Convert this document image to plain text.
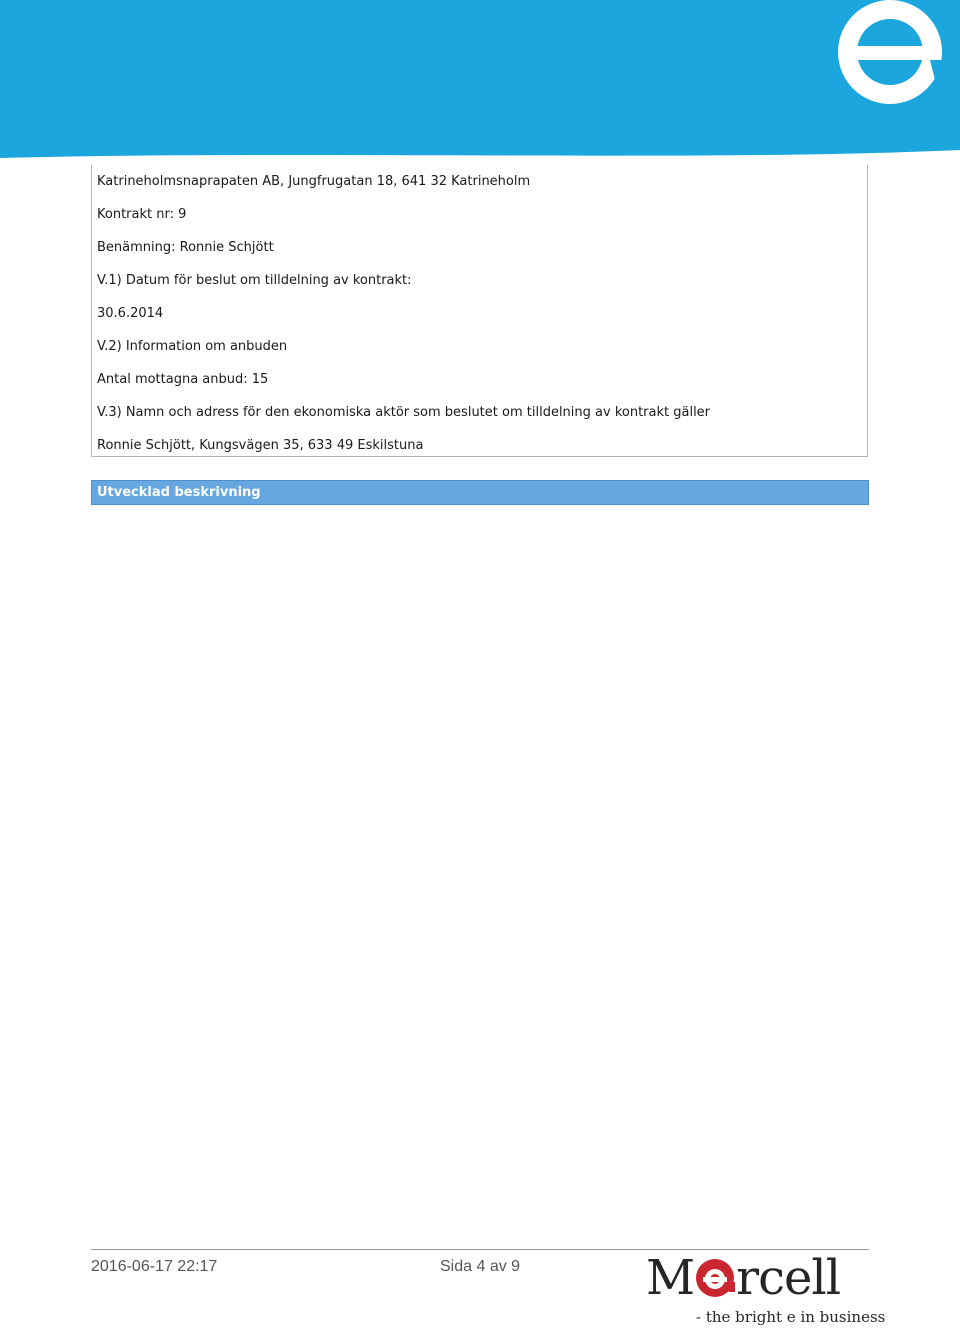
Katrineholmsnaprapaten AB, Jungfrugatan 18, 641 32 Katrineholm
Kontrakt nr: 9
Benämning: Ronnie Schjött
V.1) Datum för beslut om tilldelning av kontrakt:
30.6.2014
V.2) Information om anbuden
Antal mottagna anbud: 15
V.3) Namn och adress för den ekonomiska aktör som beslutet om tilldelning av kontrakt gäller
Ronnie Schjött, Kungsvägen 35, 633 49 Eskilstuna
Utvecklad beskrivning
2016-06-17 22:17	Sida 4 av 9	M rcell
- the bright e in business
